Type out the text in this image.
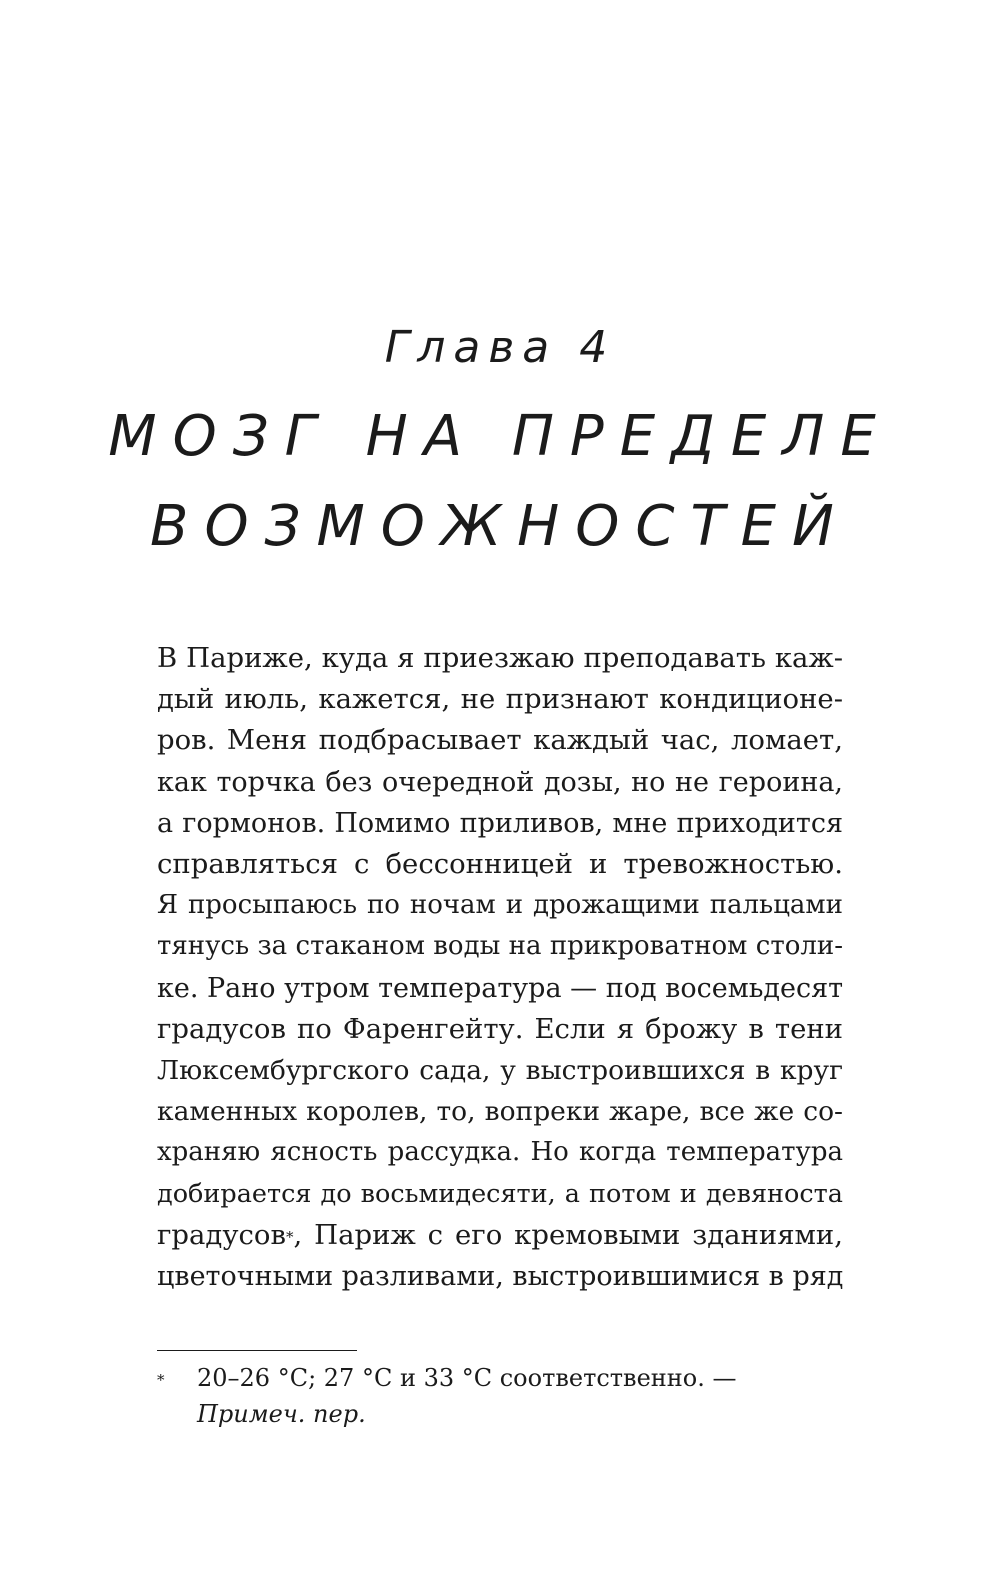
Глава 4
МОЗГ НА ПРЕДЕЛЕ
ВОЗМОЖНОСТЕЙ
В Париже, куда я приезжаю преподавать каж-
дый июль, кажется, не признают кондиционе-
ров. Меня подбрасывает каждый час, ломает,
как торчка без очередной дозы, но не героина,
а гормонов. Помимо приливов, мне приходится
справляться с бессонницей и тревожностью.
Я просыпаюсь по ночам и дрожащими пальцами
тянусь за стаканом воды на прикроватном столи-
ке. Рано утром температура — под восемьдесят
градусов по Фаренгейту. Если я брожу в тени
Люксембургского сада, у выстроившихся в круг
каменных королев, то, вопреки жаре, все же со-
храняю ясность рассудка. Но когда температура
добирается до восьмидесяти, а потом и девяноста
градусов*, Париж с его кремовыми зданиями,
цветочными разливами, выстроившимися в ряд
* 20–26 °C; 27 °C и 33 °C соответственно. — Примеч. пер.
